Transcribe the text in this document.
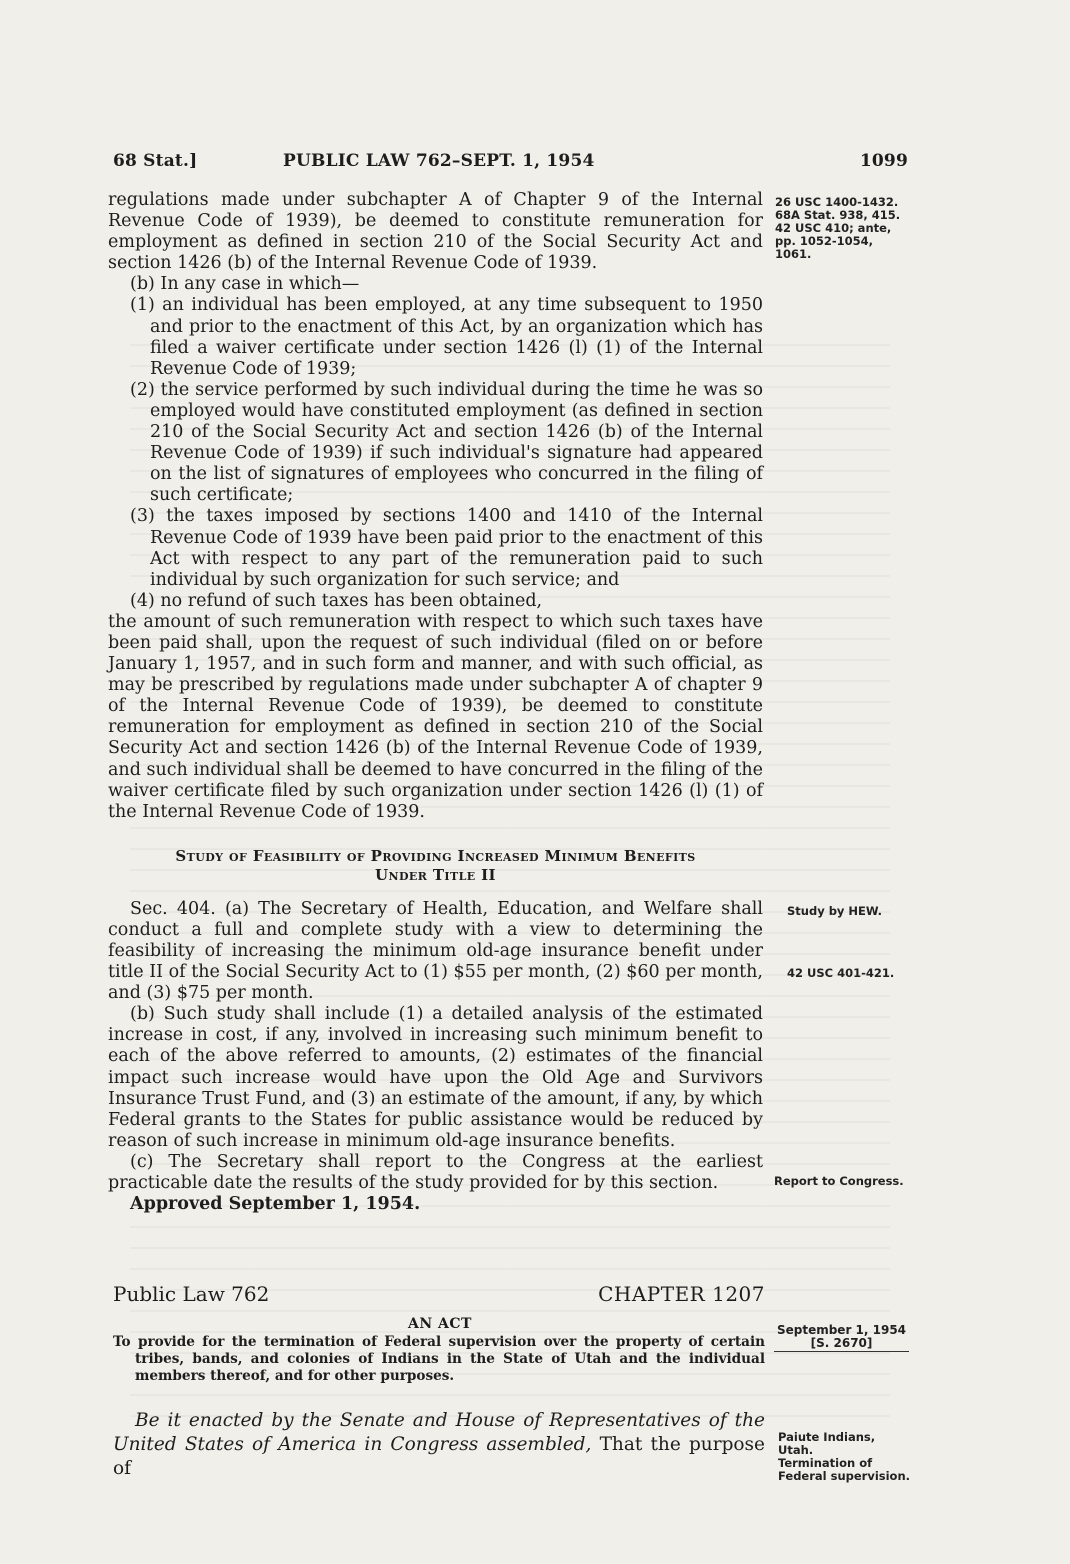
68 Stat.]	PUBLIC LAW 762–SEPT. 1, 1954	1099

regulations made under subchapter A of Chapter 9 of the Internal Revenue Code of 1939), be deemed to constitute remuneration for employment as defined in section 210 of the Social Security Act and section 1426 (b) of the Internal Revenue Code of 1939.

(b) In any case in which—

(1) an individual has been employed, at any time subsequent to 1950 and prior to the enactment of this Act, by an organization which has filed a waiver certificate under section 1426 (l) (1) of the Internal Revenue Code of 1939;

(2) the service performed by such individual during the time he was so employed would have constituted employment (as defined in section 210 of the Social Security Act and section 1426 (b) of the Internal Revenue Code of 1939) if such individual's signature had appeared on the list of signatures of employees who concurred in the filing of such certificate;

(3) the taxes imposed by sections 1400 and 1410 of the Internal Revenue Code of 1939 have been paid prior to the enactment of this Act with respect to any part of the remuneration paid to such individual by such organization for such service; and

(4) no refund of such taxes has been obtained,

the amount of such remuneration with respect to which such taxes have been paid shall, upon the request of such individual (filed on or before January 1, 1957, and in such form and manner, and with such official, as may be prescribed by regulations made under subchapter A of chapter 9 of the Internal Revenue Code of 1939), be deemed to constitute remuneration for employment as defined in section 210 of the Social Security Act and section 1426 (b) of the Internal Revenue Code of 1939, and such individual shall be deemed to have concurred in the filing of the waiver certificate filed by such organization under section 1426 (l) (1) of the Internal Revenue Code of 1939.

Study of Feasibility of Providing Increased Minimum Benefits
Under Title II

Sec. 404. (a) The Secretary of Health, Education, and Welfare shall conduct a full and complete study with a view to determining the feasibility of increasing the minimum old-age insurance benefit under title II of the Social Security Act to (1) $55 per month, (2) $60 per month, and (3) $75 per month.

(b) Such study shall include (1) a detailed analysis of the estimated increase in cost, if any, involved in increasing such minimum benefit to each of the above referred to amounts, (2) estimates of the financial impact such increase would have upon the Old Age and Survivors Insurance Trust Fund, and (3) an estimate of the amount, if any, by which Federal grants to the States for public assistance would be reduced by reason of such increase in minimum old-age insurance benefits.

(c) The Secretary shall report to the Congress at the earliest practicable date the results of the study provided for by this section.

Approved September 1, 1954.

Public Law 762	CHAPTER 1207
AN ACT

To provide for the termination of Federal supervision over the property of certain tribes, bands, and colonies of Indians in the State of Utah and the individual members thereof, and for other purposes.

Be it enacted by the Senate and House of Representatives of the United States of America in Congress assembled, That the purpose of

26 USC 1400-1432.
68A Stat. 938, 415.
42 USC 410; ante, pp. 1052-1054, 1061.
Study by HEW.
42 USC 401-421.
Report to Congress.
September 1, 1954
[S. 2670]
Paiute Indians, Utah.
Termination of Federal supervision.
